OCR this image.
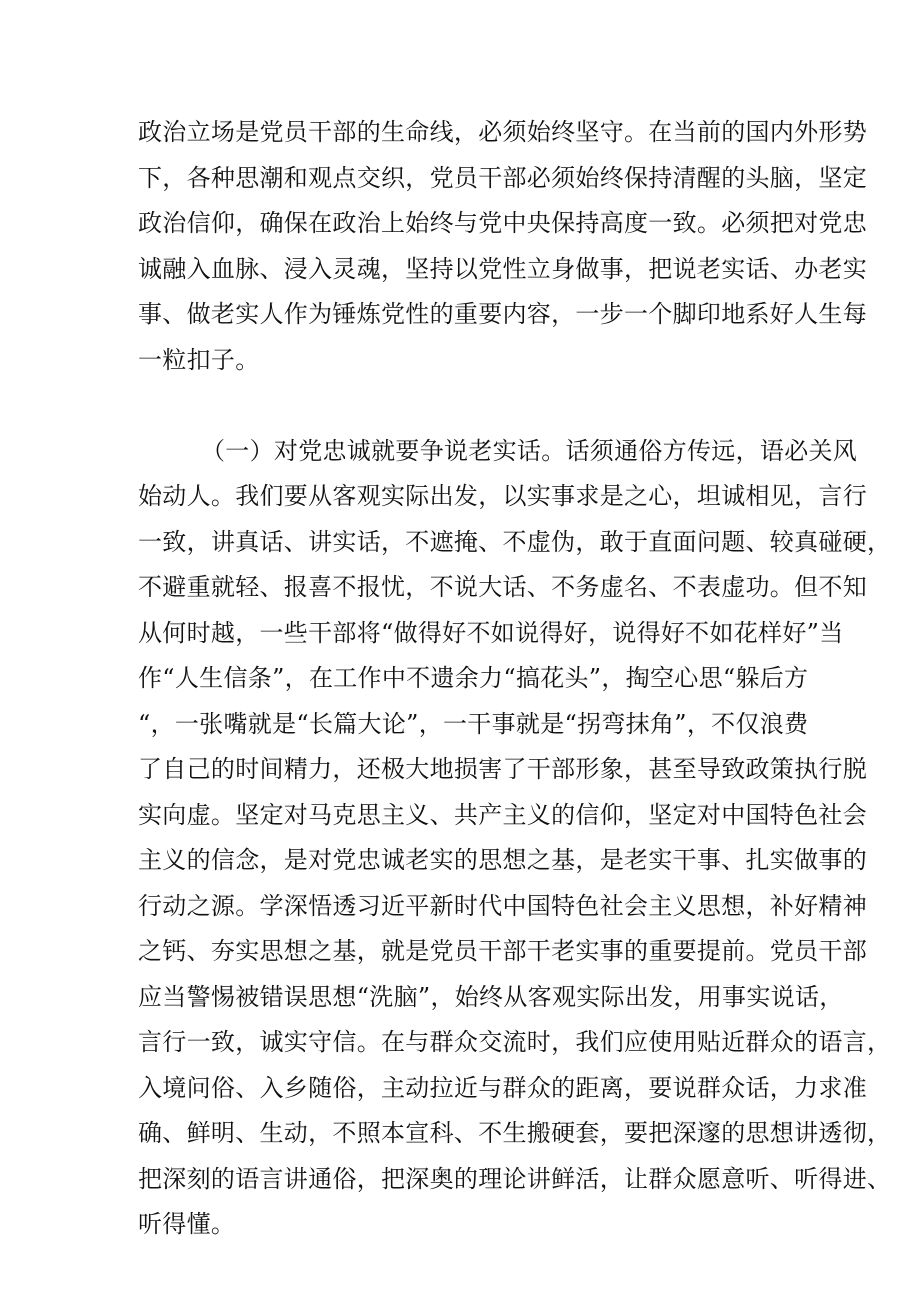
政治立场是党员干部的生命线，必须始终坚守。在当前的国内外形势
下，各种思潮和观点交织，党员干部必须始终保持清醒的头脑，坚定
政治信仰，确保在政治上始终与党中央保持高度一致。必须把对党忠
诚融入血脉、浸入灵魂，坚持以党性立身做事，把说老实话、办老实
事、做老实人作为锤炼党性的重要内容，一步一个脚印地系好人生每
一粒扣子。
（一）对党忠诚就要争说老实话。话须通俗方传远，语必关风
始动人。我们要从客观实际出发，以实事求是之心，坦诚相见，言行
一致，讲真话、讲实话，不遮掩、不虚伪，敢于直面问题、较真碰硬，
不避重就轻、报喜不报忧，不说大话、不务虚名、不表虚功。但不知
从何时越，一些干部将“做得好不如说得好，说得好不如花样好”当
作“人生信条”，在工作中不遗余力“搞花头”，掏空心思“躲后方
“，一张嘴就是“长篇大论”，一干事就是“拐弯抹角”，不仅浪费
了自己的时间精力，还极大地损害了干部形象，甚至导致政策执行脱
实向虚。坚定对马克思主义、共产主义的信仰，坚定对中国特色社会
主义的信念，是对党忠诚老实的思想之基，是老实干事、扎实做事的
行动之源。学深悟透习近平新时代中国特色社会主义思想，补好精神
之钙、夯实思想之基，就是党员干部干老实事的重要提前。党员干部
应当警惕被错误思想“洗脑”，始终从客观实际出发，用事实说话，
言行一致，诚实守信。在与群众交流时，我们应使用贴近群众的语言，
入境问俗、入乡随俗，主动拉近与群众的距离，要说群众话，力求准
确、鲜明、生动，不照本宣科、不生搬硬套，要把深邃的思想讲透彻，
把深刻的语言讲通俗，把深奥的理论讲鲜活，让群众愿意听、听得进、
听得懂。
